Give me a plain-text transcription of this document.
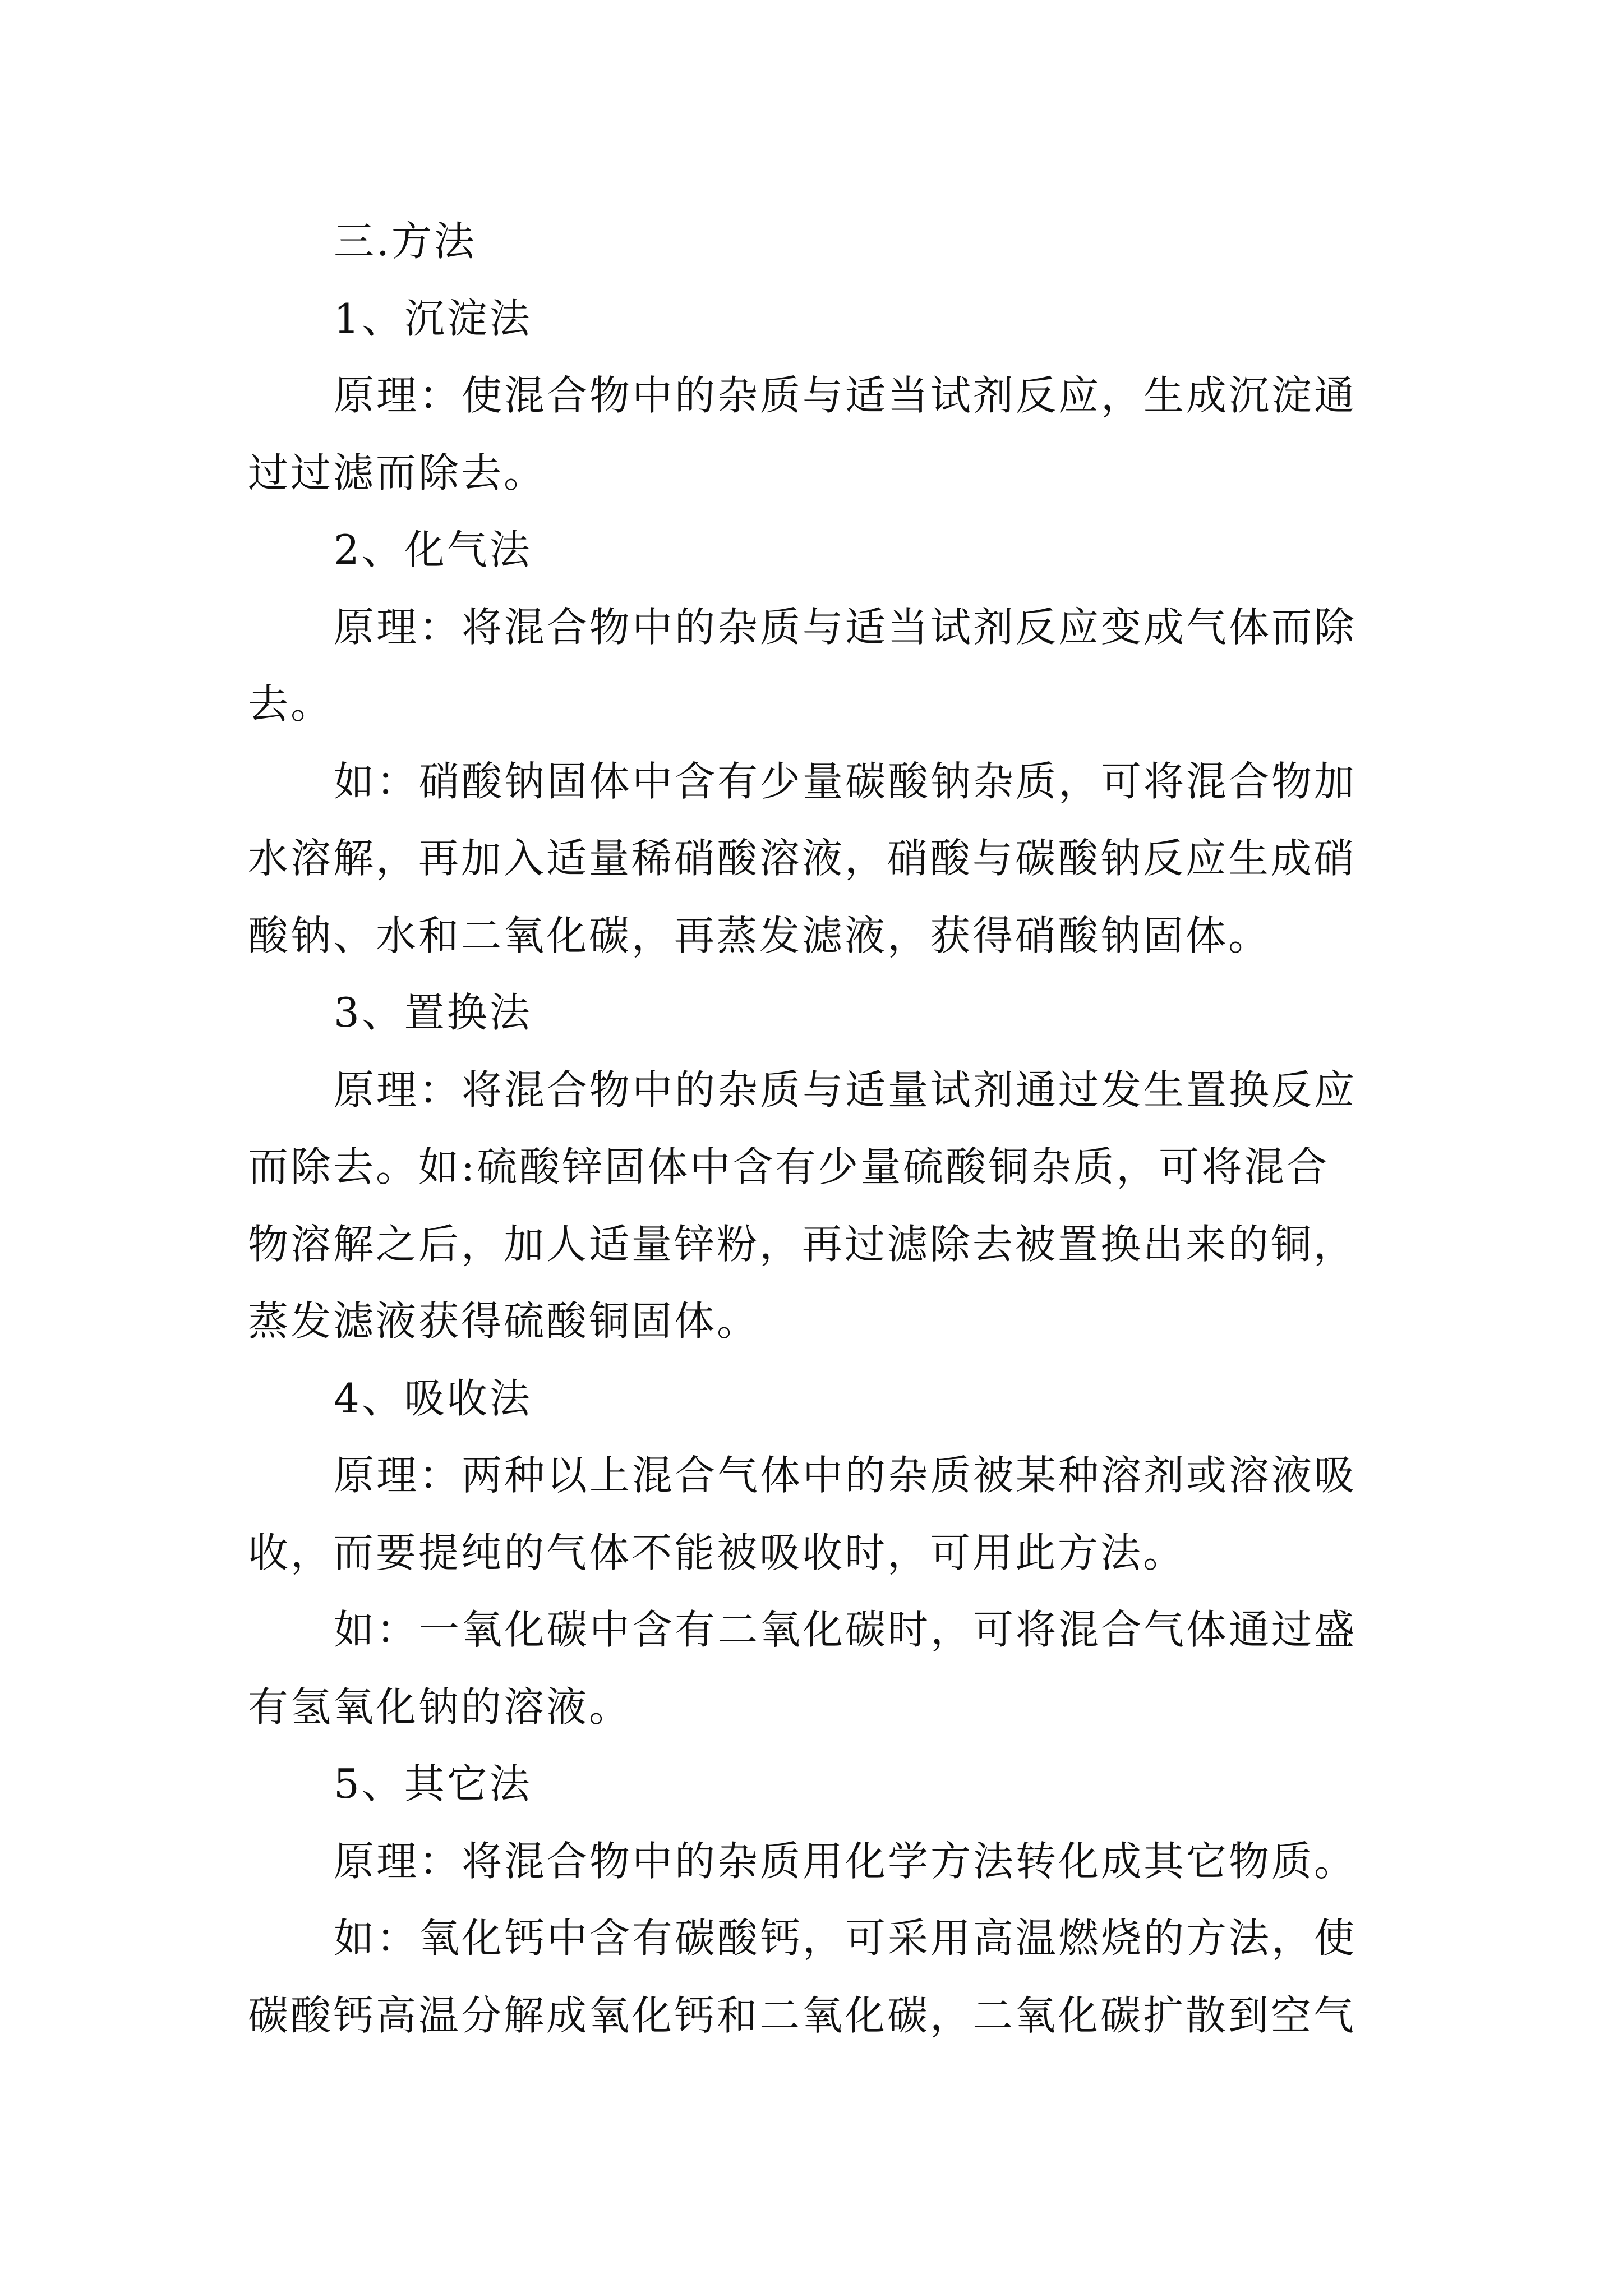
三.方法
1、沉淀法
原理：使混合物中的杂质与适当试剂反应，生成沉淀通
过过滤而除去。
2、化气法
原理：将混合物中的杂质与适当试剂反应变成气体而除
去。
如：硝酸钠固体中含有少量碳酸钠杂质，可将混合物加
水溶解，再加入适量稀硝酸溶液，硝酸与碳酸钠反应生成硝
酸钠、水和二氧化碳，再蒸发滤液，获得硝酸钠固体。
3、置换法
原理：将混合物中的杂质与适量试剂通过发生置换反应
而除去。如:硫酸锌固体中含有少量硫酸铜杂质，可将混合
物溶解之后，加人适量锌粉，再过滤除去被置换出来的铜，
蒸发滤液获得硫酸铜固体。
4、吸收法
原理：两种以上混合气体中的杂质被某种溶剂或溶液吸
收，而要提纯的气体不能被吸收时，可用此方法。
如：一氧化碳中含有二氧化碳时，可将混合气体通过盛
有氢氧化钠的溶液。
5、其它法
原理：将混合物中的杂质用化学方法转化成其它物质。
如：氧化钙中含有碳酸钙，可采用高温燃烧的方法，使
碳酸钙高温分解成氧化钙和二氧化碳，二氧化碳扩散到空气
